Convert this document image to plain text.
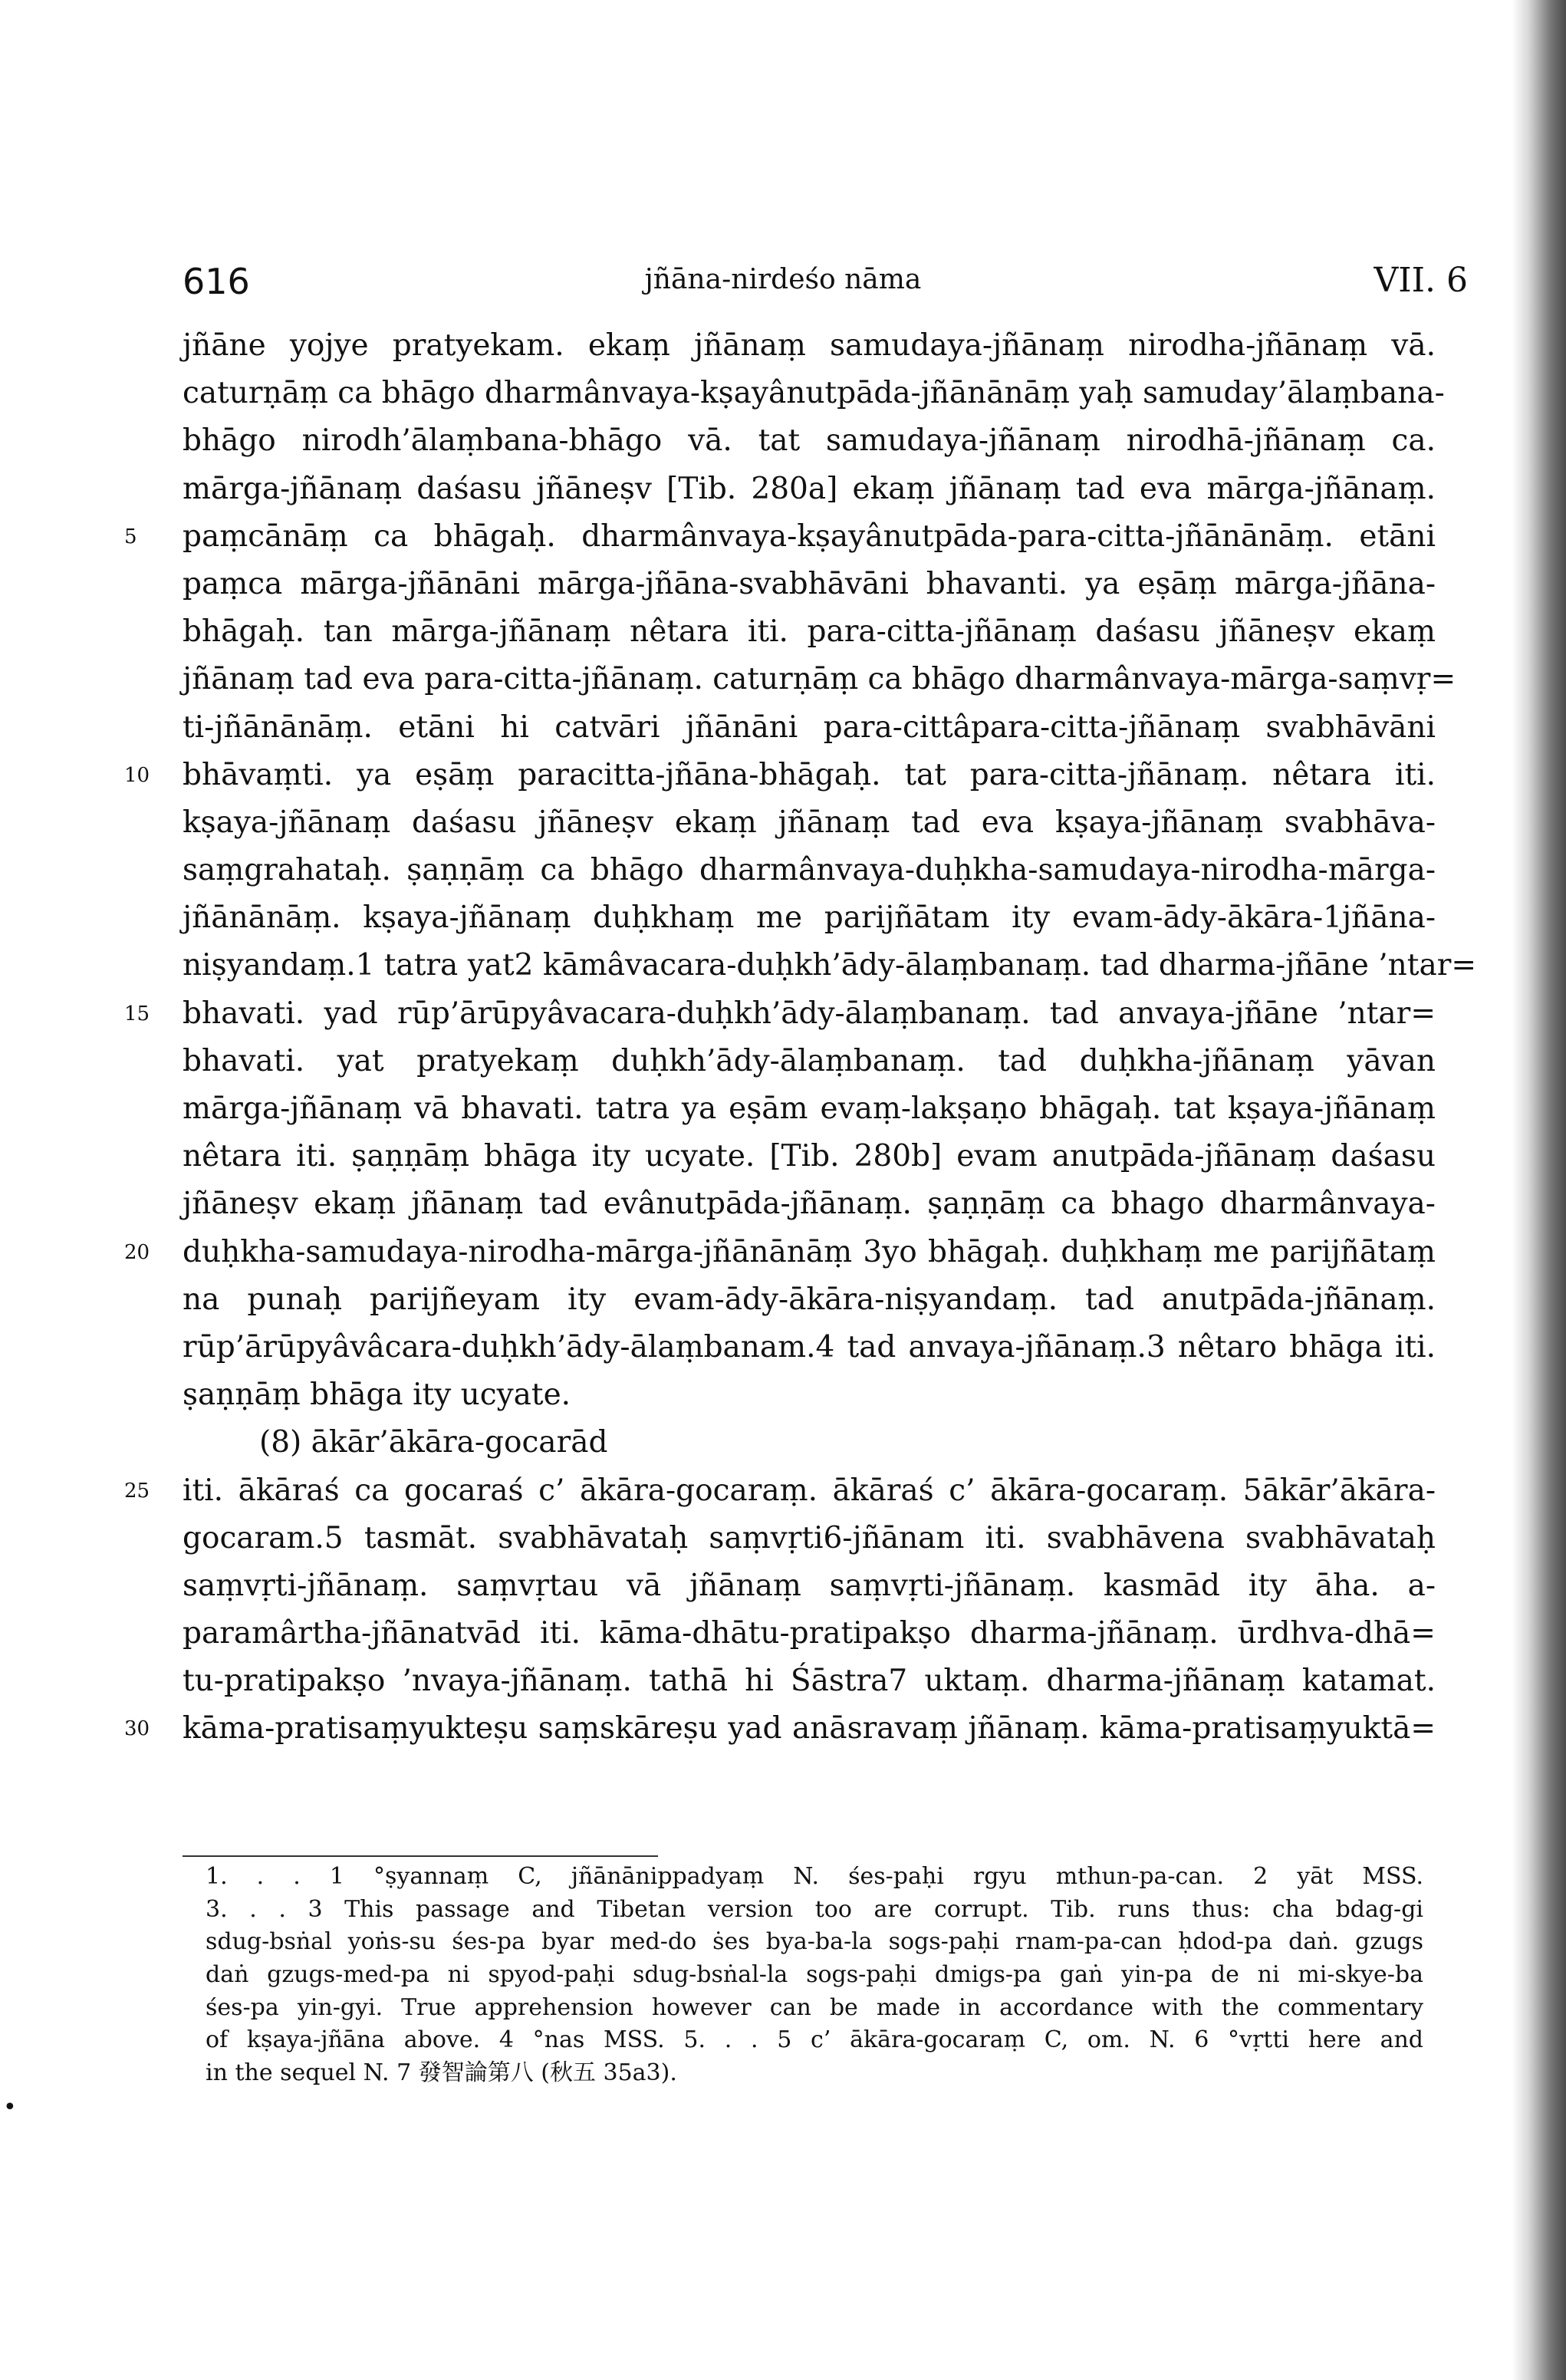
616	jñāna-nirdeśo nāma	VII. 6
jñāne yojye pratyekam. ekaṃ jñānaṃ samudaya-jñānaṃ nirodha-jñānaṃ vā.
caturṇāṃ ca bhāgo dharmânvaya-kṣayânutpāda-jñānānāṃ yaḥ samuday’ālaṃbana-
bhāgo nirodh’ālaṃbana-bhāgo vā. tat samudaya-jñānaṃ nirodhā-jñānaṃ ca.
mārga-jñānaṃ daśasu jñāneṣv [Tib. 280a] ekaṃ jñānaṃ tad eva mārga-jñānaṃ.
5 paṃcānāṃ ca bhāgaḥ. dharmânvaya-kṣayânutpāda-para-citta-jñānānāṃ. etāni
paṃca mārga-jñānāni mārga-jñāna-svabhāvāni bhavanti. ya eṣāṃ mārga-jñāna-
bhāgaḥ. tan mārga-jñānaṃ nêtara iti. para-citta-jñānaṃ daśasu jñāneṣv ekaṃ
jñānaṃ tad eva para-citta-jñānaṃ. caturṇāṃ ca bhāgo dharmânvaya-mārga-saṃvṛ=
ti-jñānānāṃ. etāni hi catvāri jñānāni para-cittâpara-citta-jñānaṃ svabhāvāni
10 bhāvaṃti. ya eṣāṃ paracitta-jñāna-bhāgaḥ. tat para-citta-jñānaṃ. nêtara iti.
kṣaya-jñānaṃ daśasu jñāneṣv ekaṃ jñānaṃ tad eva kṣaya-jñānaṃ svabhāva-
saṃgrahataḥ. ṣaṇṇāṃ ca bhāgo dharmânvaya-duḥkha-samudaya-nirodha-mārga-
jñānānāṃ. kṣaya-jñānaṃ duḥkhaṃ me parijñātam ity evam-ādy-ākāra-1jñāna-
niṣyandaṃ.1 tatra yat2 kāmâvacara-duḥkh’ādy-ālaṃbanaṃ. tad dharma-jñāne ’ntar=
15 bhavati. yad rūp’ārūpyâvacara-duḥkh’ādy-ālaṃbanaṃ. tad anvaya-jñāne ’ntar=
bhavati. yat pratyekaṃ duḥkh’ādy-ālaṃbanaṃ. tad duḥkha-jñānaṃ yāvan
mārga-jñānaṃ vā bhavati. tatra ya eṣām evaṃ-lakṣaṇo bhāgaḥ. tat kṣaya-jñānaṃ
nêtara iti. ṣaṇṇāṃ bhāga ity ucyate. [Tib. 280b] evam anutpāda-jñānaṃ daśasu
jñāneṣv ekaṃ jñānaṃ tad evânutpāda-jñānaṃ. ṣaṇṇāṃ ca bhago dharmânvaya-
20 duḥkha-samudaya-nirodha-mārga-jñānānāṃ 3yo bhāgaḥ. duḥkhaṃ me parijñātaṃ
na punaḥ parijñeyam ity evam-ādy-ākāra-niṣyandaṃ. tad anutpāda-jñānaṃ.
rūp’ārūpyâvâcara-duḥkh’ādy-ālaṃbanam.4 tad anvaya-jñānaṃ.3 nêtaro bhāga iti.
ṣaṇṇāṃ bhāga ity ucyate.
(8) ākār’ākāra-gocarād
25 iti. ākāraś ca gocaraś c’ ākāra-gocaraṃ. ākāraś c’ ākāra-gocaraṃ. 5ākār’ākāra-
gocaram.5 tasmāt. svabhāvataḥ saṃvṛti6-jñānam iti. svabhāvena svabhāvataḥ
saṃvṛti-jñānaṃ. saṃvṛtau vā jñānaṃ saṃvṛti-jñānaṃ. kasmād ity āha. a-
paramârtha-jñānatvād iti. kāma-dhātu-pratipakṣo dharma-jñānaṃ. ūrdhva-dhā=
tu-pratipakṣo ’nvaya-jñānaṃ. tathā hi Śāstra7 uktaṃ. dharma-jñānaṃ katamat.
30 kāma-pratisaṃyukteṣu saṃskāreṣu yad anāsravaṃ jñānaṃ. kāma-pratisaṃyuktā=
1. . . 1 °ṣyannaṃ C, jñānānippadyaṃ N. śes-paḥi rgyu mthun-pa-can. 2 yāt MSS.
3. . . 3 This passage and Tibetan version too are corrupt. Tib. runs thus: cha bdag-gi
sdug-bsṅal yoṅs-su śes-pa byar med-do ṡes bya-ba-la sogs-paḥi rnam-pa-can ḥdod-pa daṅ. gzugs
daṅ gzugs-med-pa ni spyod-paḥi sdug-bsṅal-la sogs-paḥi dmigs-pa gaṅ yin-pa de ni mi-skye-ba
śes-pa yin-gyi. True apprehension however can be made in accordance with the commentary
of kṣaya-jñāna above. 4 °nas MSS. 5. . . 5 c’ ākāra-gocaraṃ C, om. N. 6 °vṛtti here and
in the sequel N. 7 發智論第八 (秋五 35a3).
•
